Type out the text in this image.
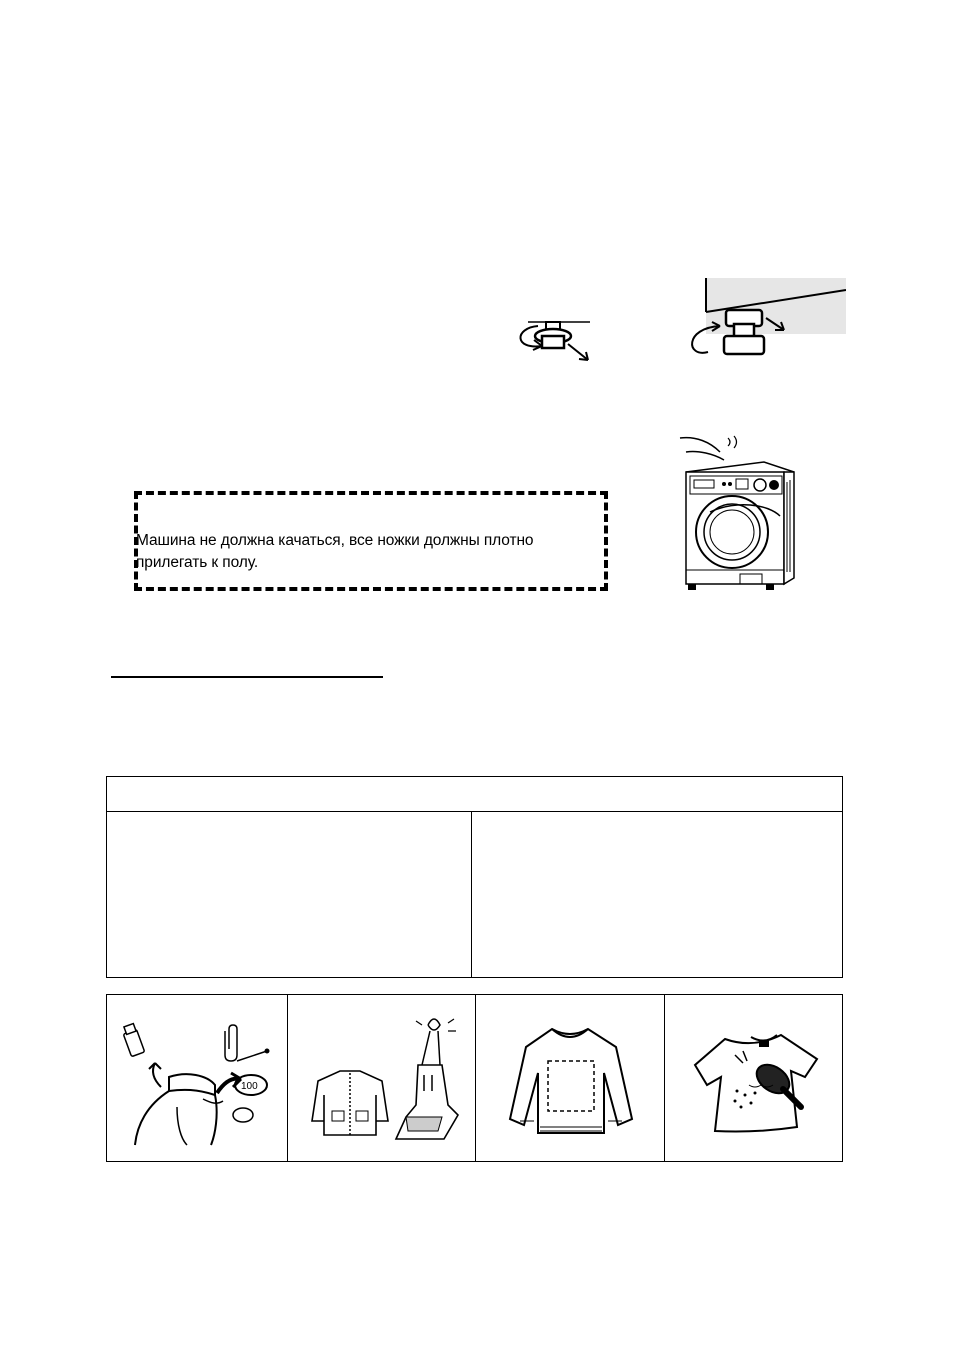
Машина не должна качаться, все ножки должны плотно прилегать к полу.
100
